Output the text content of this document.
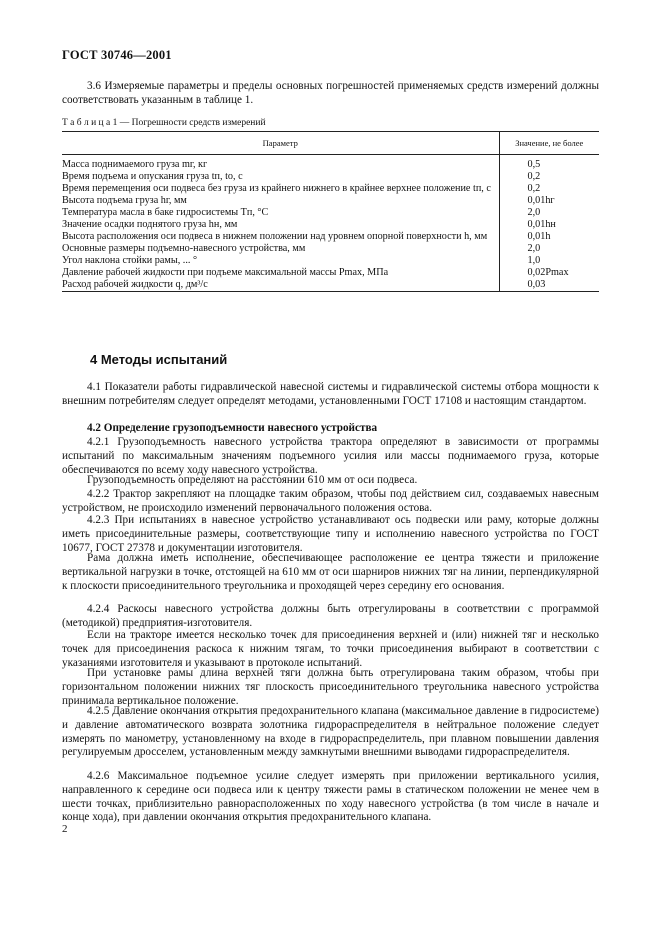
ГОСТ 30746—2001

3.6 Измеряемые параметры и пределы основных погрешностей применяемых средств измерений должны соответствовать указанным в таблице 1.

Т а б л и ц а 1 — Погрешности средств измерений
Параметр	Значение, не более
Масса поднимаемого груза mг, кг	0,5
Время подъема и опускания груза tп, tо, с	0,2
Время перемещения оси подвеса без груза из крайнего нижнего в крайнее верхнее положение tп, с	0,2
Высота подъема груза hг, мм	0,01hг
Температура масла в баке гидросистемы Tп, °С	2,0
Значение осадки поднятого груза hн, мм	0,01hн
Высота расположения оси подвеса в нижнем положении над уровнем опорной поверхности h, мм	0,01h
Основные размеры подъемно-навесного устройства, мм	2,0
Угол наклона стойки рамы, ... °	1,0
Давление рабочей жидкости при подъеме максимальной массы Pmax, МПа	0,02Pmax
Расход рабочей жидкости q, дм³/с	0,03
4 Методы испытаний

4.1 Показатели работы гидравлической навесной системы и гидравлической системы отбора мощности к внешним потребителям следует определят методами, установленными ГОСТ 17108 и настоящим стандартом.

4.2 Определение грузоподъемности навесного устройства

4.2.1 Грузоподъемность навесного устройства трактора определяют в зависимости от программы испытаний по максимальным значениям подъемного усилия или массы поднимаемого груза, которые обеспечиваются по всему ходу навесного устройства.

Грузоподъемность определяют на расстоянии 610 мм от оси подвеса.

4.2.2 Трактор закрепляют на площадке таким образом, чтобы под действием сил, создаваемых навесным устройством, не происходило изменений первоначального положения остова.

4.2.3 При испытаниях в навесное устройство устанавливают ось подвески или раму, которые должны иметь присоединительные размеры, соответствующие типу и исполнению навесного устройства по ГОСТ 10677, ГОСТ 27378 и документации изготовителя.

Рама должна иметь исполнение, обеспечивающее расположение ее центра тяжести и приложение вертикальной нагрузки в точке, отстоящей на 610 мм от оси шарниров нижних тяг на линии, перпендикулярной к плоскости присоединительного треугольника и проходящей через середину его основания.

4.2.4 Раскосы навесного устройства должны быть отрегулированы в соответствии с программой (методикой) предприятия-изготовителя.

Если на тракторе имеется несколько точек для присоединения верхней и (или) нижней тяг и несколько точек для присоединения раскоса к нижним тягам, то точки присоединения выбирают в соответствии с указаниями изготовителя и указывают в протоколе испытаний.

При установке рамы длина верхней тяги должна быть отрегулирована таким образом, чтобы при горизонтальном положении нижних тяг плоскость присоединительного треугольника навесного устройства принимала вертикальное положение.

4.2.5 Давление окончания открытия предохранительного клапана (максимальное давление в гидросистеме) и давление автоматического возврата золотника гидрораспределителя в нейтральное положение следует измерять по манометру, установленному на входе в гидрораспределитель, при плавном повышении давления регулируемым дросселем, установленным между замкнутыми внешними выводами гидрораспределителя.

4.2.6 Максимальное подъемное усилие следует измерять при приложении вертикального усилия, направленного к середине оси подвеса или к центру тяжести рамы в статическом положении не менее чем в шести точках, приблизительно равнорасположенных по ходу навесного устройства (в том числе в начале и конце хода), при давлении окончания открытия предохранительного клапана.

2
